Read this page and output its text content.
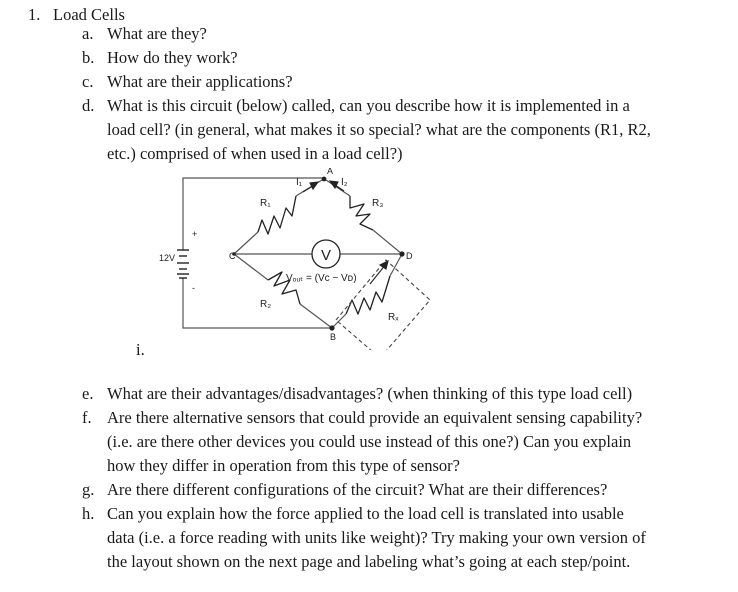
1. Load Cells
a. What are they?
b. How do they work?
c. What are their applications?
d. What is this circuit (below) called, can you describe how it is implemented in a
load cell? (in general, what makes it so special? what are the components (R1, R2,
etc.) comprised of when used in a load cell?)
V
I₁	I₂
A
R₁	R₃
C	D
12V
+
-
Vₒᵤₜ = (Vc − Vᴅ)
R₂
Rₓ
B
i.
e. What are their advantages/disadvantages? (when thinking of this type load cell)
f. Are there alternative sensors that could provide an equivalent sensing capability?
(i.e. are there other devices you could use instead of this one?) Can you explain
how they differ in operation from this type of sensor?
g. Are there different configurations of the circuit? What are their differences?
h. Can you explain how the force applied to the load cell is translated into usable
data (i.e. a force reading with units like weight)? Try making your own version of
the layout shown on the next page and labeling what’s going at each step/point.
